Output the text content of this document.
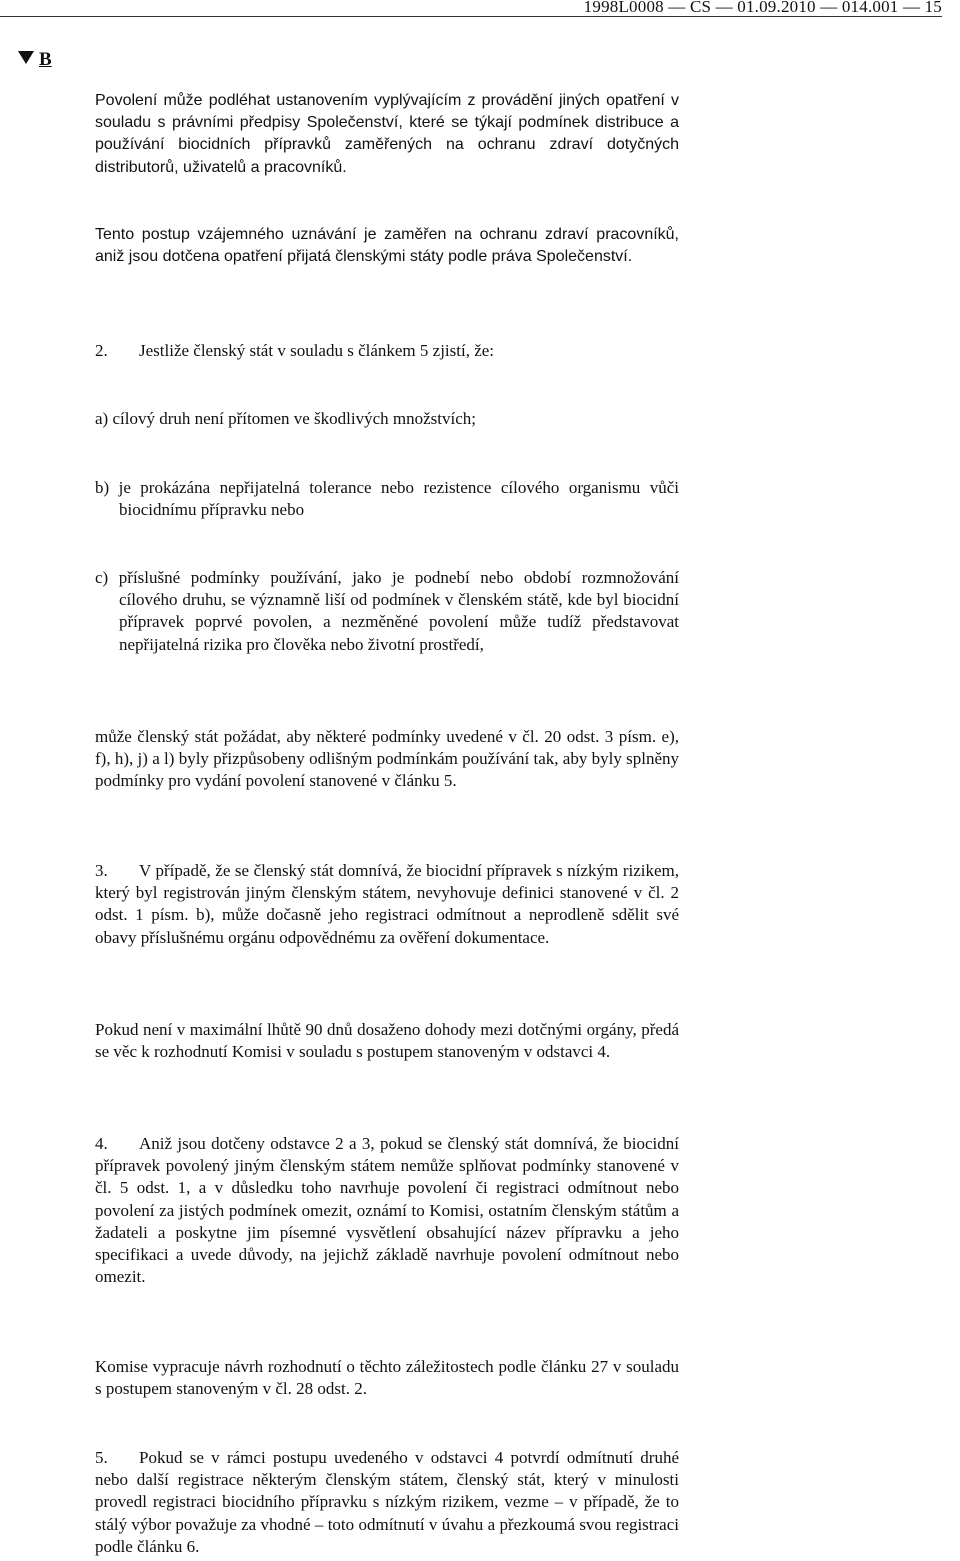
1998L0008 — CS — 01.09.2010 — 014.001 — 15
B
Povolení může podléhat ustanovením vyplývajícím z provádění jiných opatření v souladu s právními předpisy Společenství, které se týkají podmínek distribuce a používání biocidních přípravků zaměřených na ochranu zdraví dotyčných distributorů, uživatelů a pracovníků.
Tento postup vzájemného uznávání je zaměřen na ochranu zdraví pracovníků, aniž jsou dotčena opatření přijatá členskými státy podle práva Společenství.
2. Jestliže členský stát v souladu s článkem 5 zjistí, že:
a) cílový druh není přítomen ve škodlivých množstvích;
b) je prokázána nepřijatelná tolerance nebo rezistence cílového organismu vůči biocidnímu přípravku nebo
c) příslušné podmínky používání, jako je podnebí nebo období rozmnožování cílového druhu, se významně liší od podmínek v členském státě, kde byl biocidní přípravek poprvé povolen, a nezměněné povolení může tudíž představovat nepřijatelná rizika pro člověka nebo životní prostředí,
může členský stát požádat, aby některé podmínky uvedené v čl. 20 odst. 3 písm. e), f), h), j) a l) byly přizpůsobeny odlišným podmínkám používání tak, aby byly splněny podmínky pro vydání povolení stanovené v článku 5.
3. V případě, že se členský stát domnívá, že biocidní přípravek s nízkým rizikem, který byl registrován jiným členským státem, nevyhovuje definici stanovené v čl. 2 odst. 1 písm. b), může dočasně jeho registraci odmítnout a neprodleně sdělit své obavy příslušnému orgánu odpovědnému za ověření dokumentace.
Pokud není v maximální lhůtě 90 dnů dosaženo dohody mezi dotčnými orgány, předá se věc k rozhodnutí Komisi v souladu s postupem stanoveným v odstavci 4.
4. Aniž jsou dotčeny odstavce 2 a 3, pokud se členský stát domnívá, že biocidní přípravek povolený jiným členským státem nemůže splňovat podmínky stanovené v čl. 5 odst. 1, a v důsledku toho navrhuje povolení či registraci odmítnout nebo povolení za jistých podmínek omezit, oznámí to Komisi, ostatním členským státům a žadateli a poskytne jim písemné vysvětlení obsahující název přípravku a jeho specifikaci a uvede důvody, na jejichž základě navrhuje povolení odmítnout nebo omezit.
Komise vypracuje návrh rozhodnutí o těchto záležitostech podle článku 27 v souladu s postupem stanoveným v čl. 28 odst. 2.
5. Pokud se v rámci postupu uvedeného v odstavci 4 potvrdí odmítnutí druhé nebo další registrace některým členským státem, členský stát, který v minulosti provedl registraci biocidního přípravku s nízkým rizikem, vezme – v případě, že to stálý výbor považuje za vhodné – toto odmítnutí v úvahu a přezkoumá svou registraci podle článku 6.
